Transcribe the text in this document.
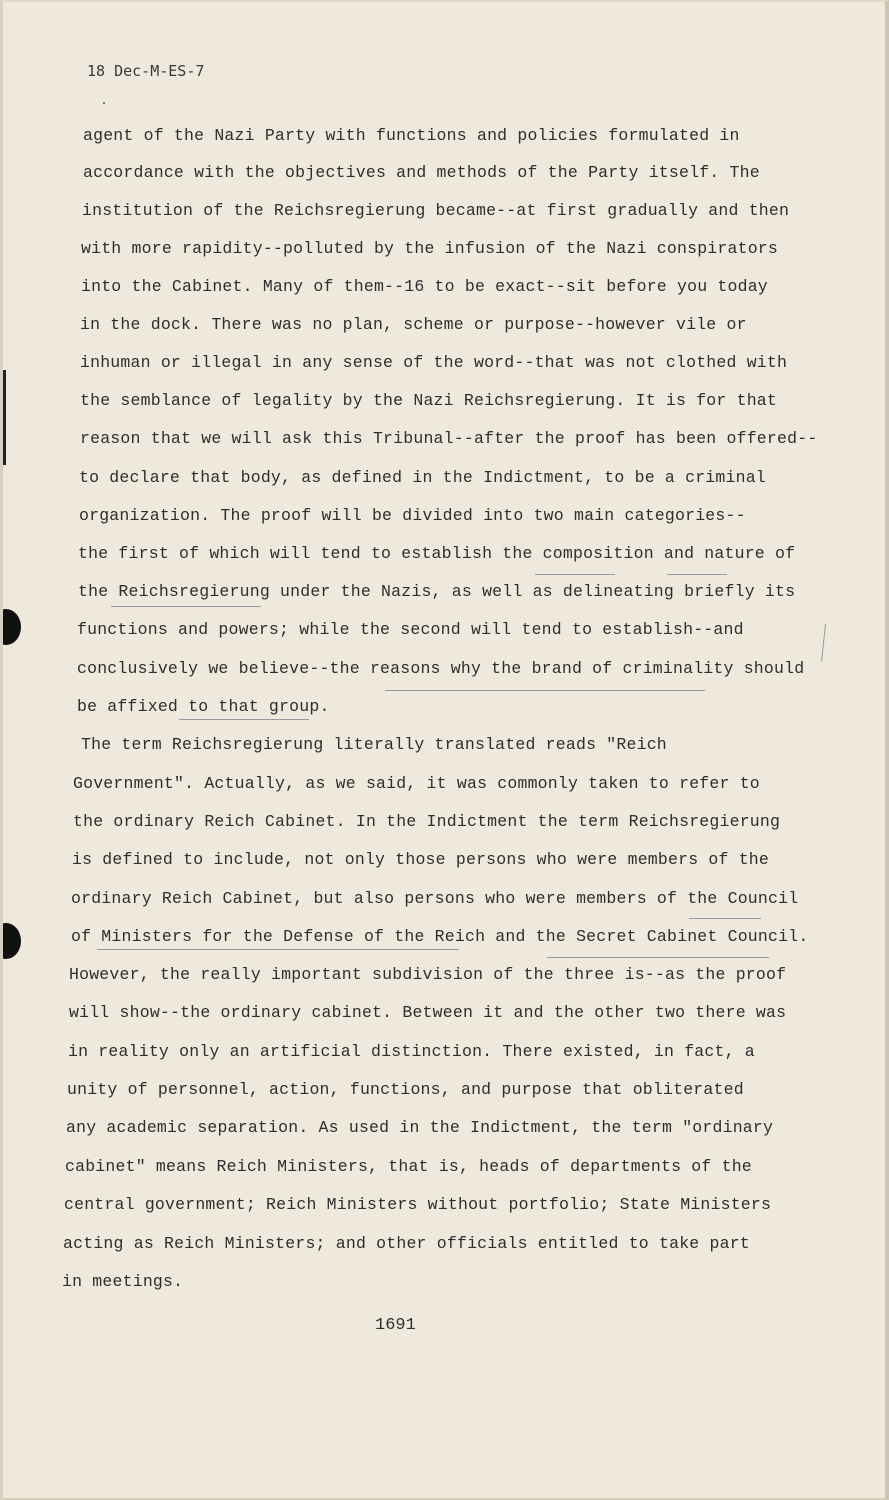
18 Dec-M-ES-7
agent of the Nazi Party with functions and policies formulated in
accordance with the objectives and methods of the Party itself. The
institution of the Reichsregierung became--at first gradually and then
with more rapidity--polluted by the infusion of the Nazi conspirators
into the Cabinet. Many of them--16 to be exact--sit before you today
in the dock. There was no plan, scheme or purpose--however vile or
inhuman or illegal in any sense of the word--that was not clothed with
the semblance of legality by the Nazi Reichsregierung. It is for that
reason that we will ask this Tribunal--after the proof has been offered--
to declare that body, as defined in the Indictment, to be a criminal
organization. The proof will be divided into two main categories--
the first of which will tend to establish the composition and nature of
the Reichsregierung under the Nazis, as well as delineating briefly its
functions and powers; while the second will tend to establish--and
conclusively we believe--the reasons why the brand of criminality should
be affixed to that group.
The term Reichsregierung literally translated reads "Reich
Government". Actually, as we said, it was commonly taken to refer to
the ordinary Reich Cabinet. In the Indictment the term Reichsregierung
is defined to include, not only those persons who were members of the
ordinary Reich Cabinet, but also persons who were members of the Council
of Ministers for the Defense of the Reich and the Secret Cabinet Council.
However, the really important subdivision of the three is--as the proof
will show--the ordinary cabinet. Between it and the other two there was
in reality only an artificial distinction. There existed, in fact, a
unity of personnel, action, functions, and purpose that obliterated
any academic separation. As used in the Indictment, the term "ordinary
cabinet" means Reich Ministers, that is, heads of departments of the
central government; Reich Ministers without portfolio; State Ministers
acting as Reich Ministers; and other officials entitled to take part
in meetings.
1691
